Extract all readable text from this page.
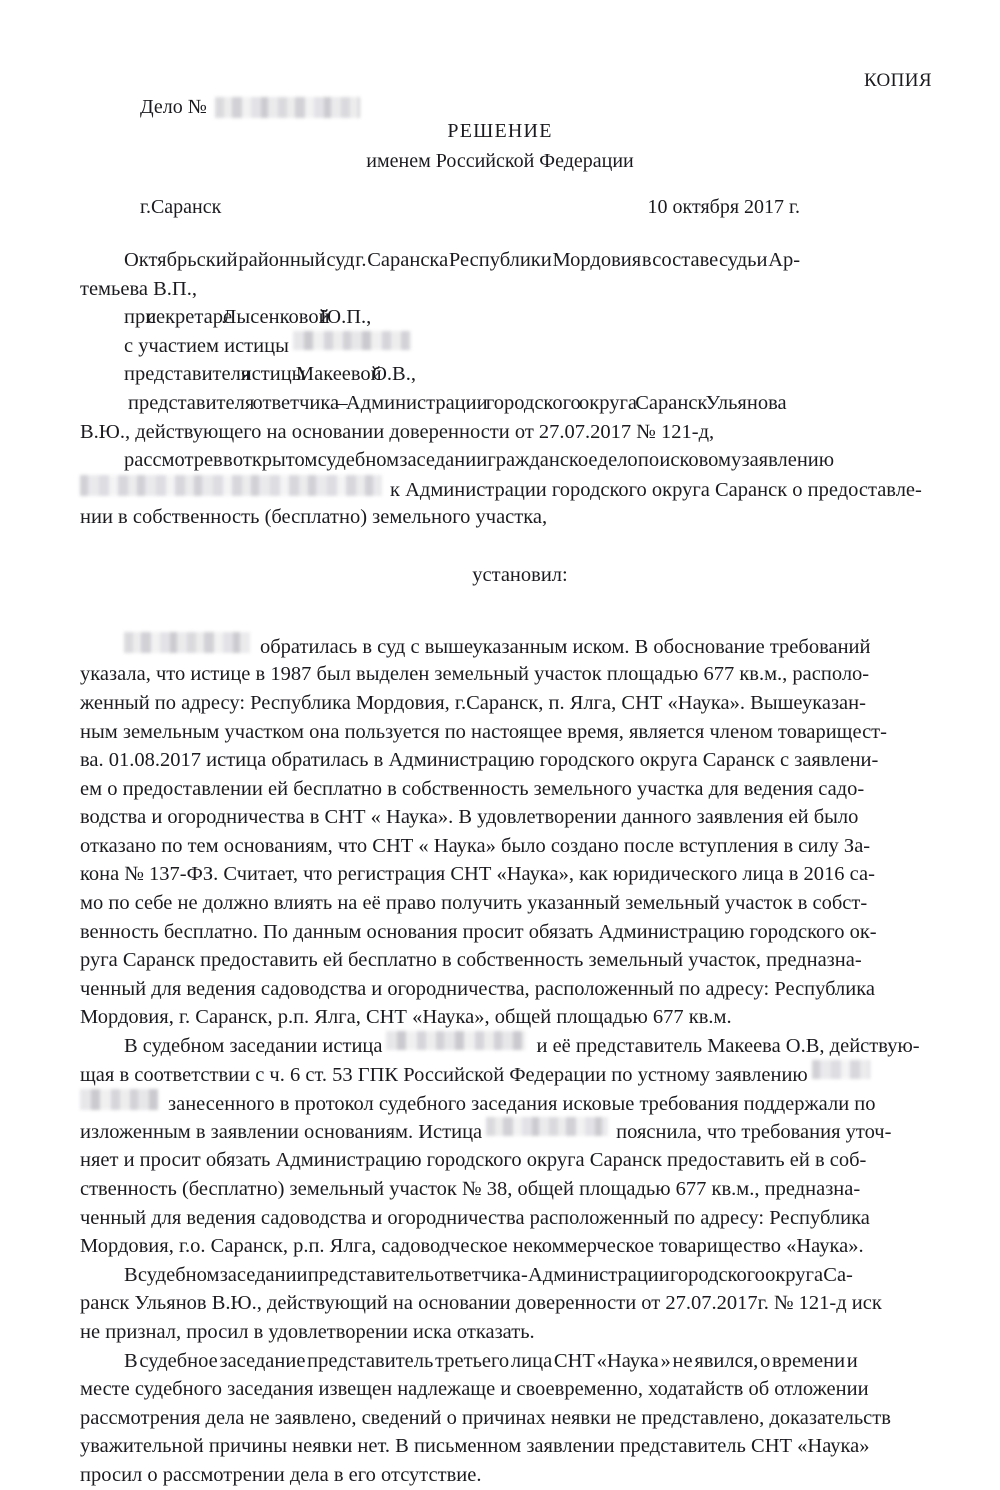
КОПИЯ
Дело №
РЕШЕНИЕ
именем Российской Федерации
г.Саранск	10 октября 2017 г.
Октябрьский районный суд г. Саранска Республики Мордовия в составе судьи Ар-
темьева В.П.,
при секретаре Лысенковой Ю.П.,
с участием истицы
представителя истицы Макеевой О.В.,
представителя ответчика – Администрации городского округа Саранск Ульянова
В.Ю., действующего на основании доверенности от 27.07.2017 № 121-д,
рассмотрев в открытом судебном заседании гражданское дело по исковому заявлению
к Администрации городского округа Саранск о предоставле-
нии в собственность (бесплатно) земельного участка,
установил:
обратилась в суд с вышеуказанным иском. В обоснование требований
указала, что истице в 1987 был выделен земельный участок площадью 677 кв.м., располо-
женный по адресу: Республика Мордовия, г.Саранск, п. Ялга, СНТ «Наука». Вышеуказан-
ным земельным участком она пользуется по настоящее время, является членом товарищест-
ва. 01.08.2017 истица обратилась в Администрацию городского округа Саранск с заявлени-
ем о предоставлении ей бесплатно в собственность земельного участка для ведения садо-
водства и огородничества в СНТ « Наука». В удовлетворении данного заявления ей было
отказано по тем основаниям, что СНТ « Наука» было создано после вступления в силу За-
кона № 137-ФЗ. Считает, что регистрация СНТ «Наука», как юридического лица в 2016 са-
мо по себе не должно влиять на её право получить указанный земельный участок в собст-
венность бесплатно. По данным основания просит обязать Администрацию городского ок-
руга Саранск предоставить ей бесплатно в собственность земельный участок, предназна-
ченный для ведения садоводства и огородничества, расположенный по адресу: Республика
Мордовия, г. Саранск, р.п. Ялга, СНТ «Наука», общей площадью 677 кв.м.
В судебном заседании истица	и её представитель Макеева О.В, действую-
щая в соответствии с ч. 6 ст. 53 ГПК Российской Федерации по устному заявлению
занесенного в протокол судебного заседания исковые требования поддержали по
изложенным в заявлении основаниям. Истица	пояснила, что требования уточ-
няет и просит обязать Администрацию городского округа Саранск предоставить ей в соб-
ственность (бесплатно) земельный участок № 38, общей площадью 677 кв.м., предназна-
ченный для ведения садоводства и огородничества расположенный по адресу: Республика
Мордовия, г.о. Саранск, р.п. Ялга, садоводческое некоммерческое товарищество «Наука».
В судебном заседании представитель ответчика - Администрации городского округа Са-
ранск Ульянов В.Ю., действующий на основании доверенности от 27.07.2017г. № 121-д иск
не признал, просил в удовлетворении иска отказать.
В судебное заседание представитель третьего лица СНТ «Наука » не явился, о времени и
месте судебного заседания извещен надлежаще и своевременно, ходатайств об отложении
рассмотрения дела не заявлено, сведений о причинах неявки не представлено, доказательств
уважительной причины неявки нет. В письменном заявлении представитель СНТ «Наука»
просил о рассмотрении дела в его отсутствие.
